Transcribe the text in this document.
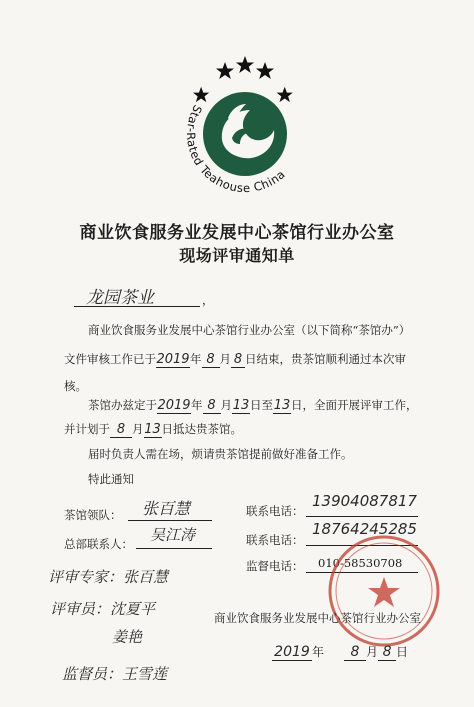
Star-Rated Teahouse China
商业饮食服务业发展中心茶馆行业办公室
现场评审通知单
龙园茶业	，
商业饮食服务业发展中心茶馆行业办公室（以下简称“茶馆办”）
文件审核工作已于2019年 8 月 8 日结束，贵茶馆顺利通过本次审
核。
茶馆办兹定于2019年 8 月13日至13日，全面开展评审工作，
并计划于 8 月13日抵达贵茶馆。
届时负责人需在场，烦请贵茶馆提前做好准备工作。
特此通知
茶馆领队： 张百慧	联系电话：
13904087817
总部联系人： 吴江涛	联系电话：
18764245285
监督电话： 010-58530708
评审专家：张百慧
评审员：沈夏平
姜艳
监督员：王雪莲
商业饮食服务业发展中心茶馆行业办公室
2019 年 8 月 8 日
